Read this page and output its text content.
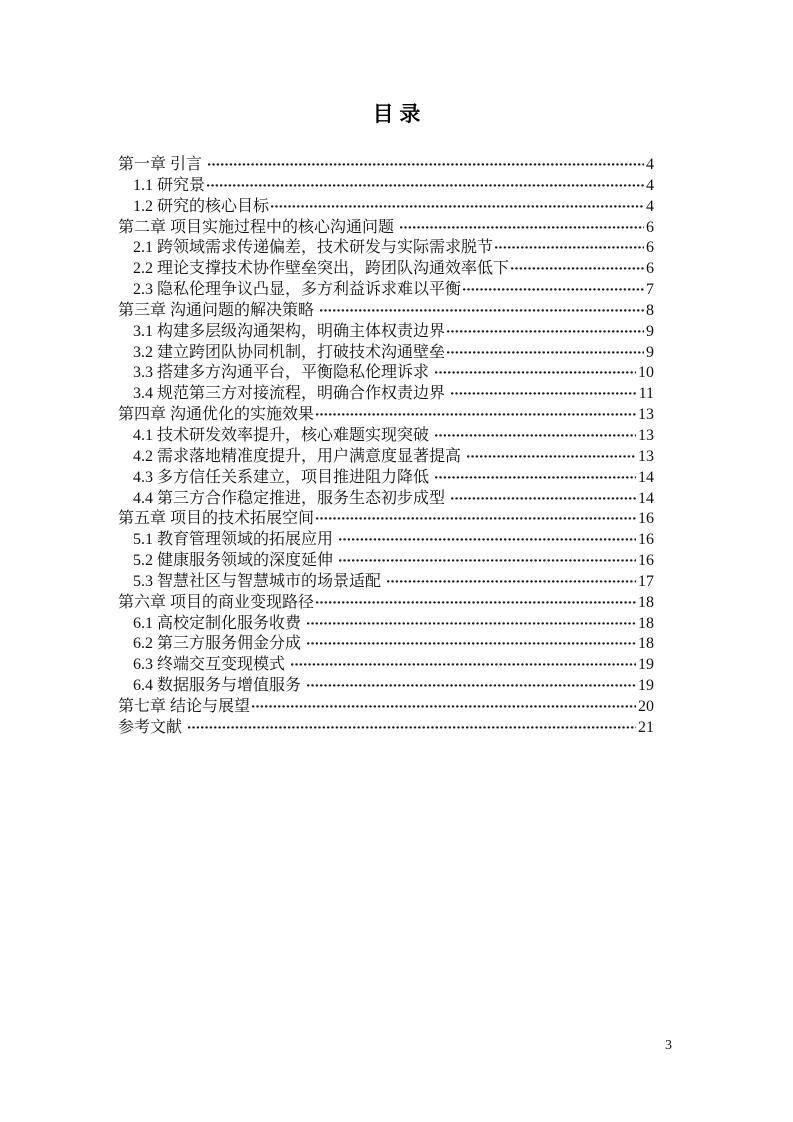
目 录
第一章 引言	4
1.1 研究景	4
1.2 研究的核心目标	4
第二章 项目实施过程中的核心沟通问题	6
2.1 跨领域需求传递偏差，技术研发与实际需求脱节	6
2.2 理论支撑技术协作壁垒突出，跨团队沟通效率低下	6
2.3 隐私伦理争议凸显，多方利益诉求难以平衡	7
第三章 沟通问题的解决策略	8
3.1 构建多层级沟通架构，明确主体权责边界	9
3.2 建立跨团队协同机制，打破技术沟通壁垒	9
3.3 搭建多方沟通平台，平衡隐私伦理诉求	10
3.4 规范第三方对接流程，明确合作权责边界	11
第四章 沟通优化的实施效果	13
4.1 技术研发效率提升，核心难题实现突破	13
4.2 需求落地精准度提升，用户满意度显著提高	13
4.3 多方信任关系建立，项目推进阻力降低	14
4.4 第三方合作稳定推进，服务生态初步成型	14
第五章 项目的技术拓展空间	16
5.1 教育管理领域的拓展应用	16
5.2 健康服务领域的深度延伸	16
5.3 智慧社区与智慧城市的场景适配	17
第六章 项目的商业变现路径	18
6.1 高校定制化服务收费	18
6.2 第三方服务佣金分成	18
6.3 终端交互变现模式	19
6.4 数据服务与增值服务	19
第七章 结论与展望	20
参考文献	21
3
